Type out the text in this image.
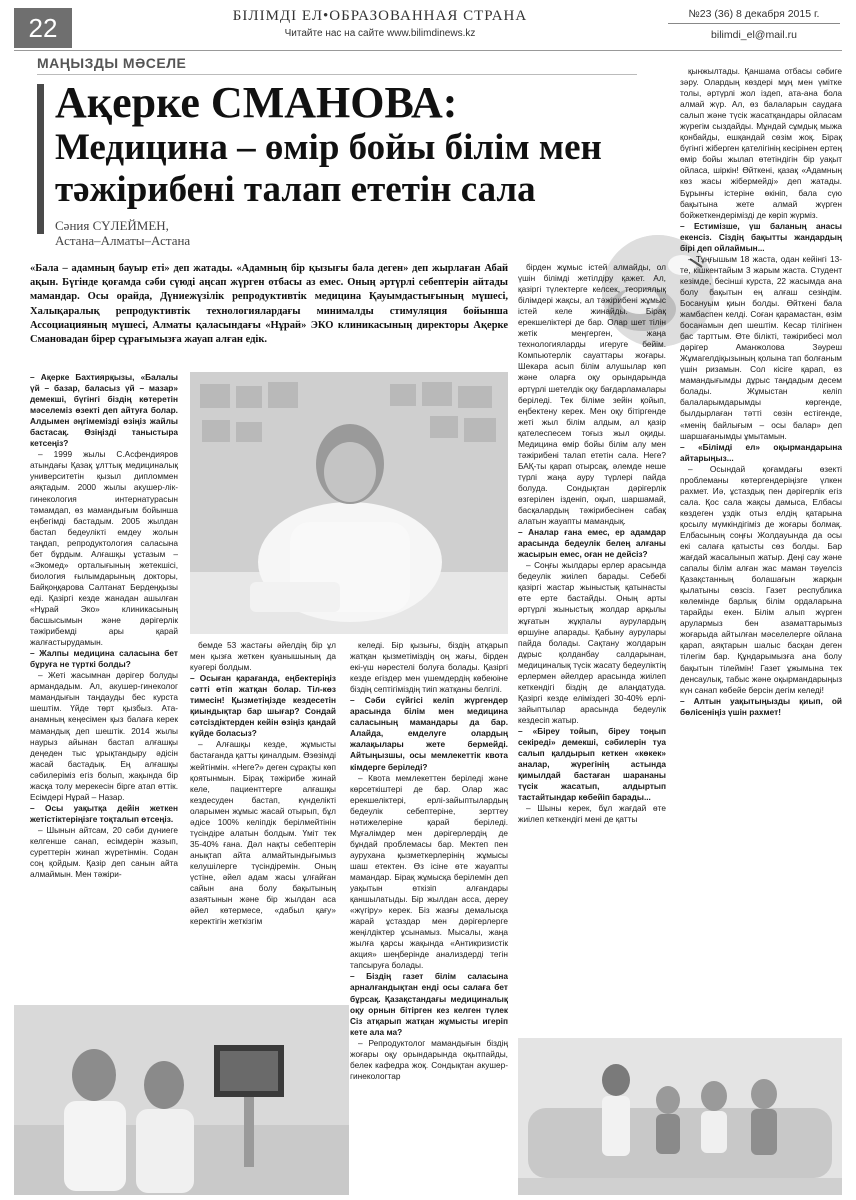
22	БІЛІМДІ ЕЛ•ОБРАЗОВАННАЯ СТРАНА
Читайте нас на сайте www.bilimdinews.kz
№23 (36) 8 декабря 2015 г.
bilimdi_el@mail.ru
МАҢЫЗДЫ МӘСЕЛЕ
Ақерке СМАНОВА:
Медицина – өмір бойы білім мен
тәжірибені талап ететін сала
Сәния СҮЛЕЙМЕН,
Астана–Алматы–Астана
«Бала – адамның бауыр еті» деп жатады. «Адамның бір қызығы бала деген» деп жырлаған Абай ақын. Бүгінде қоғамда сәби сүюді аңсап жүрген отбасы аз емес. Оның әртүрлі себептерін айтады мамандар. Осы орайда, Дүниежүзілік репродуктивтік медицина Қауымдастығының мүшесі, Халықаралық репродуктивтік технологиялардағы минималды стимуляция бойынша Ассоциацияның мүшесі, Алматы қаласындағы «Нұрай» ЭКО клиникасының директоры Ақерке Смановадан бірер сұрағымызға жауап алған едік.

– Ақерке Бахтиярқызы, «Балалы үй – базар, баласыз үй – мазар» демекші, бүгінгі біздің көтеретін мәселеміз өзекті деп айтуға болар. Алдымен әңгімемізді өзіңіз жайлы бастасақ. Өзіңізді таныстыра кетсеңіз?

– 1999 жылы С.Асфендияров атындағы Қазақ ұлттық медициналық университетін қызыл дипломмен аяқтадым. 2000 жылы акушер-лік-гинекология интернатурасын тәмамдап, өз мамандығым бойынша еңбегімді бастадым. 2005 жылдан бастап бедеулікті емдеу жолын таңдап, репродуктология саласына бет бұрдым. Алғашқы ұстазым – «Экомед» орталығының жетекшісі, биология ғылымдарының докторы, Байқоңқарова Салтанат Бердеңқызы еді. Қазіргі кезде жанадан ашылған «Нұрай Эко» клиникасының басшысымын және дәрігерлік тәжірибемді ары қарай жалғастырудамын.

– Жалпы медицина саласына бет бұруға не түрткі болды?

– Жеті жасымнан дәрігер болуды армандадым. Ал, акушер-гинеколог мамандығын таңдауды бес курста шештім. Үйде төрт қызбыз. Ата-анамның кеңесімен қыз балаға керек мамандық деп шештік. 2014 жылы наурыз айынан бастап алғашқы деңеден тыс ұрықтандыру әдісін жасай бастадық. Ең алғашқы сәбилеріміз егіз болып, жақында бір жасқа толу мерекесін бірге атап өттік. Есімдері Нұрай – Назар.

– Осы уақытқа дейін жеткен жетістіктеріңізге тоқталып өтсеңіз.

– Шынын айтсам, 20 сәби дүниеге келгенше санап, есімдерін жазып, суреттерін жинап жүретінмін. Содан соң қойдым. Қазір деп санын айта алмаймын. Мен тәжіри-

бемде 53 жастағы әйелдің бір ұл мен қызға жеткен қуанышының да куәгері болдым.

– Осыған қарағанда, еңбектеріңіз сәтті өтіп жатқан болар. Тіл-көз тимесін! Қызметіңізде кездесетін қиындықтар бар шығар? Сондай сәтсіздіктерден кейін өзіңіз қандай күйде боласыз?

– Алғашқы кезде, жұмысты бастағанда қатты қиналдым. Өзөзімді жейтінмін. «Неге?» деген сұрақты көп қоятынмын. Бірақ тәжірибе жинай келе, пациенттерге алғашқы кездесуден бастап, күнделікті оларымен жұмыс жасай отырып, бұл әдісе 100% келіпдік берілмейтінін түсіндіре алатын болдым. Үміт тек 35-40% ғана. Дәл нақты себептерін анықтап айта алмайтындығымыз келушілерге түсіндіремін. Оның үстіне, әйел адам жасы ұлғайған сайын ана болу бақытының азаятынын және бір жылдан аса әйел көтермесе, «дабыл қағу» керектігін жеткізгім

келеді. Бір қызығы, біздің атқарып жатқан қызметіміздің оң жағы, бірден екі-үш нәрестелі болуға болады. Қазіргі кезде егіздер мен үшемдердің көбеюіне біздің септігіміздің тиіп жатқаны белгілі.

– Сәби сүйгісі келіп жүргендер арасында білім мен медицина саласының мамандары да бар. Алайда, емделуге олардың жалақылары жете бермейді. Айтыңызшы, осы мемлекеттік квота кімдерге беріледі?

– Квота мемлекеттен беріледі және көрсеткіштері де бар. Олар жас ерекшеліктері, ерлі-зайыптылардың бедеулік себептеріне, зерттеу нәтижелеріне қарай беріледі. Мұғалімдер мен дәрігерлердің де бұндай проблемасы бар. Мектеп пен аурухана қызметкерлерінің жұмысы шаш етектен. Өз ісіне өте жауапты мамандар. Бірақ жұмысқа берілемін деп уақытын өткізіп алғандары қаншылатыды. Бір жылдан асса, дереу «жүгіру» керек. Біз жазғы демалысқа жарай ұстаздар мен дәрігерлерге жеңілдіктер ұсынамыз. Мысалы, жаңа жылға қарсы жақында «Антикризистік акция» шеңберінде анализдерді тегін тапсыруға болады.

– Біздің газет білім саласына арналғандықтан енді осы салаға бет бұрсақ. Қазақстандағы медициналық оқу орнын бітірген кез келген түлек Сіз атқарып жатқан жұмысты игеріп кете ала ма?

– Репродуктолог мамандығын біздің жоғары оқу орындарында оқытпайды, белек кафедра жоқ. Сондықтан акушер-гинекологтар

бірден жұмыс істей алмайды, ол үшін білімді жетілдіру қажет. Ал, қазіргі түлектерге келсек, теориялық білімдері жақсы, ал тәжірибені жұмыс істей келе жинайды. Бірақ ерекшеліктері де бар. Олар шет тілін жетік меңгерген, жаңа технологияларды игеруге бейім. Компьютерлік сауаттары жоғары. Шекара асып білім алушылар көп және оларға оқу орындарында әртүрлі шетелдік оқу бағдарламалары беріледі. Тек біліме зейін қойып, еңбектену керек. Мен оқу бітіргенде жеті жыл білім алдым, ал қазір қателеспесем тоғыз жыл оқиды. Медицина өмір бойы білім алу мен тәжірибені талап ететін сала. Неге? БАҚ-ты қарап отырсақ, әлемде неше түрлі жаңа ауру түрлері пайда болуда. Сондықтан дәрігерлік өзгерілен ізденіп, оқып, шаршамай, басқалардың тәжірибесінен сабақ алатын жауапты мамандық.

– Аналар ғана емес, ер адамдар арасында бедеулік белең алғаны жасырын емес, оған не дейсіз?

– Соңғы жылдары ерлер арасында бедеулік жиілеп барады. Себебі қазіргі жастар жыныстық қатынасты өте ерте бастайды. Оның арты әртүрлі жыныстық жолдар арқылы жұғатын жұқпалы аурулардың өршуіне апарады. Қабыну аурулары пайда болады. Сақтану жолдарын дұрыс қолданбау салдарынан, медициналық түсік жасату бедеуліктің ерлермен әйелдер арасында жиілеп кеткендігі біздің де алаңдатуда. Қазіргі кезде еліміздегі 30-40% ерлі-зайыптылар арасында бедеулік кездесіп жатыр.

– «Біреу тойып, біреу тоңып секіреді» демекші, сәбилерін туа салып қалдырып кеткен «көкек» аналар, жүрегінің астында қимылдай бастаған шарананы түсік жасатып, алдыртып тастайтындар көбейіп барады...

– Шыны керек, бұл жағдай өте жиілеп кеткендігі мені де қатты

қынжылтады. Қаншама отбасы сәбиге зәру. Олардың көздері мұң мен үмітке толы, әртүрлі жол іздеп, ата-ана бола алмай жүр. Ал, өз балаларын саудаға салып және түсік жасатқандары ойласам жүрегім сыздайды. Мұндай сұмдық мыжа қонбайды, ешқандай сөзім жоқ. Бірақ бүгінгі жіберген қателігінің кесірінен ертең өмір бойы жылап өтетіндігін бір уақыт ойласа, шіркін! Өйткені, қазақ «Адамның көз жасы жібермейді» деп жатады. Бұрынғы істеріне өкініп, бала сүю бақытына жете алмай жүрген бойжеткендерімізді де көріп жүрміз.

– Естимізше, үш баланың анасы екенсіз. Сіздің бақытты жандардың бірі деп ойлаймын...

– Тұңғышым 18 жаста, одан кейінгі 13-те, кішкентайым 3 жарым жаста. Студент кезімде, бесінші курста, 22 жасымда ана болу бақытын ең алғаш сезіндім. Босануым қиын болды. Өйткені бала жамбаспен келді. Соған қарамастан, өзім босанамын деп шештім. Кесар тілігінен бас тарттым. Өте білікті, тәжірибесі мол дәрігер Аманжолова Зәуреш Жұмагелдіқызының қолына тап болғаным үшін ризамын. Сол кісіге қарап, өз мамандығымды дұрыс таңдадым десем болады. Жұмыстан келіп балаларымдарымды көргенде, былдырлаған тәтті сөзін естігенде, «менің байлығым – осы балар» деп шаршағанымды ұмытамын.

– «Білімді ел» оқырмандарына айтарыңыз...

– Осындай қоғамдағы өзекті проблеманы көтергендеріңізге үлкен рахмет. Иә, ұстаздық пен дәрігерлік егіз сала. Қос сала жақсы дамыса, Елбасы көздеген ұздік отыз елдің қатарына қосылу мүмкіндігіміз де жоғары болмақ. Елбасының соңғы Жолдауында да осы екі салаға қатысты сөз болды. Бар жағдай жасалынып жатыр. Деңі сау және сапалы білім алған жас маман тәуелсіз Қазақстанның болашағын жарқын қылатыны сөзсіз. Газет республика көлемінде барлық білім ордаларына тарайды екен. Білім алып жүрген арулармыз бен азаматтарымыз жоғарыда айтылған мәселелерге ойлана қарап, аяқтарын шалыс басқан деген тілегім бар. Құндарымызға ана болу бақытын тілеймін! Газет ұжымына тек денсаулық, табыс және оқырмандарыңыз күн санап көбейе берсін дегім келеді!

– Алтын уақытыңызды қиып, ой бөлісеніңіз үшін рахмет!
